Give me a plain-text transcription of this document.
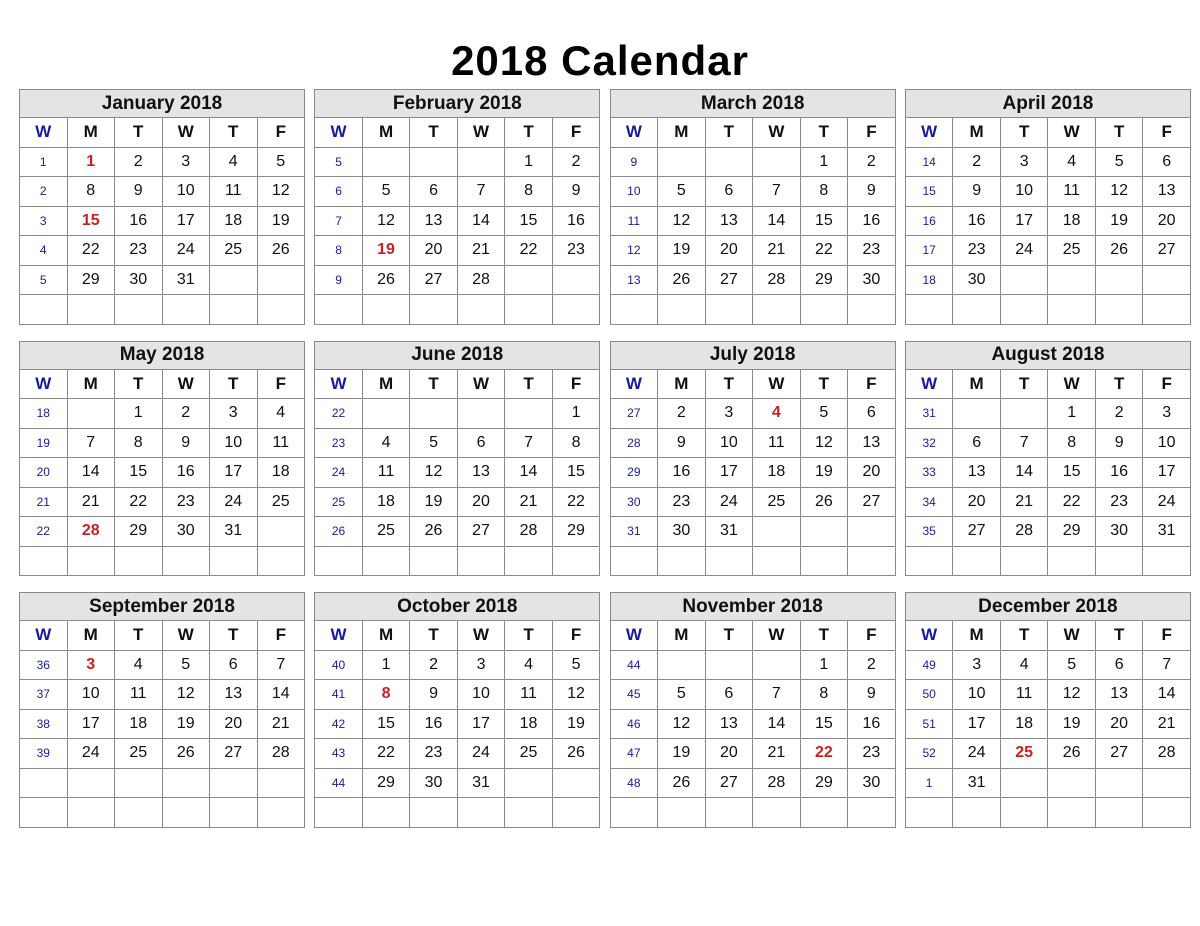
2018 Calendar
January 2018					
W	M	T	W	T	F
1	1	2	3	4	5
2	8	9	10	11	12
3	15	16	17	18	19
4	22	23	24	25	26
5	29	30	31		

February 2018					
W	M	T	W	T	F
5				1	2
6	5	6	7	8	9
7	12	13	14	15	16
8	19	20	21	22	23
9	26	27	28		

March 2018					
W	M	T	W	T	F
9				1	2
10	5	6	7	8	9
11	12	13	14	15	16
12	19	20	21	22	23
13	26	27	28	29	30

April 2018					
W	M	T	W	T	F
14	2	3	4	5	6
15	9	10	11	12	13
16	16	17	18	19	20
17	23	24	25	26	27
18	30				

May 2018					
W	M	T	W	T	F
18		1	2	3	4
19	7	8	9	10	11
20	14	15	16	17	18
21	21	22	23	24	25
22	28	29	30	31	

June 2018					
W	M	T	W	T	F
22					1
23	4	5	6	7	8
24	11	12	13	14	15
25	18	19	20	21	22
26	25	26	27	28	29

July 2018					
W	M	T	W	T	F
27	2	3	4	5	6
28	9	10	11	12	13
29	16	17	18	19	20
30	23	24	25	26	27
31	30	31			

August 2018					
W	M	T	W	T	F
31			1	2	3
32	6	7	8	9	10
33	13	14	15	16	17
34	20	21	22	23	24
35	27	28	29	30	31

September 2018					
W	M	T	W	T	F
36	3	4	5	6	7
37	10	11	12	13	14
38	17	18	19	20	21
39	24	25	26	27	28

October 2018					
W	M	T	W	T	F
40	1	2	3	4	5
41	8	9	10	11	12
42	15	16	17	18	19
43	22	23	24	25	26
44	29	30	31		

November 2018					
W	M	T	W	T	F
44				1	2
45	5	6	7	8	9
46	12	13	14	15	16
47	19	20	21	22	23
48	26	27	28	29	30

December 2018					
W	M	T	W	T	F
49	3	4	5	6	7
50	10	11	12	13	14
51	17	18	19	20	21
52	24	25	26	27	28
1	31				
